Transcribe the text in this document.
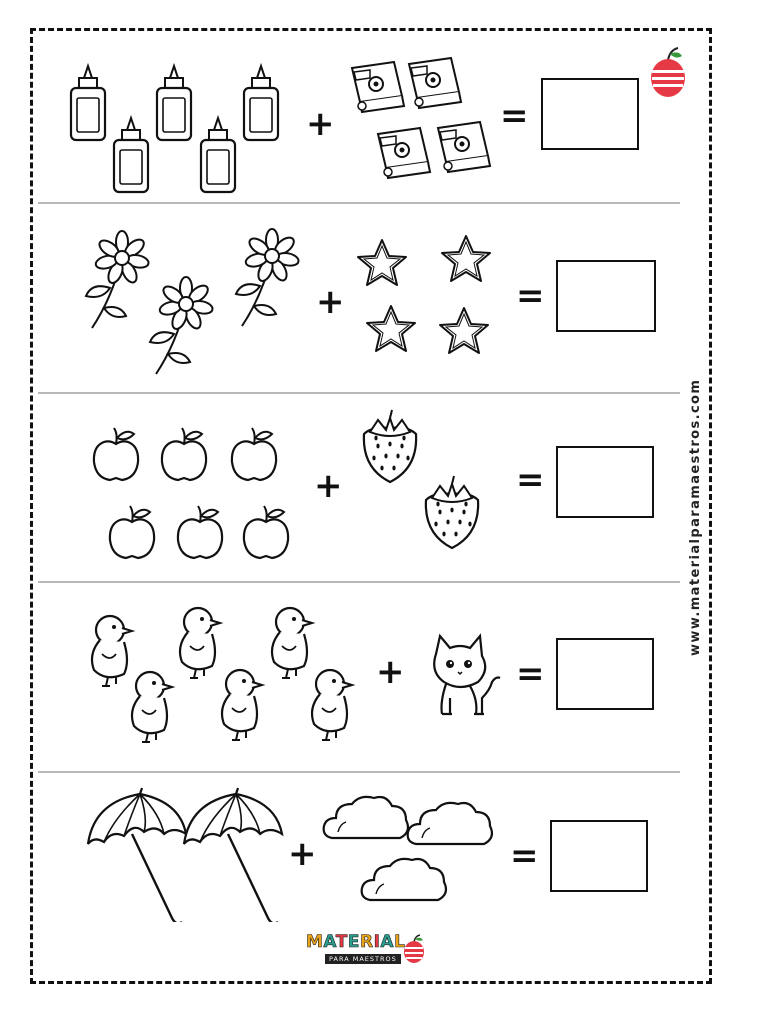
+	=
+	=
+	=
+	=
+	=
www.materialparamaestros.com
MATERIAL
PARA MAESTROS
